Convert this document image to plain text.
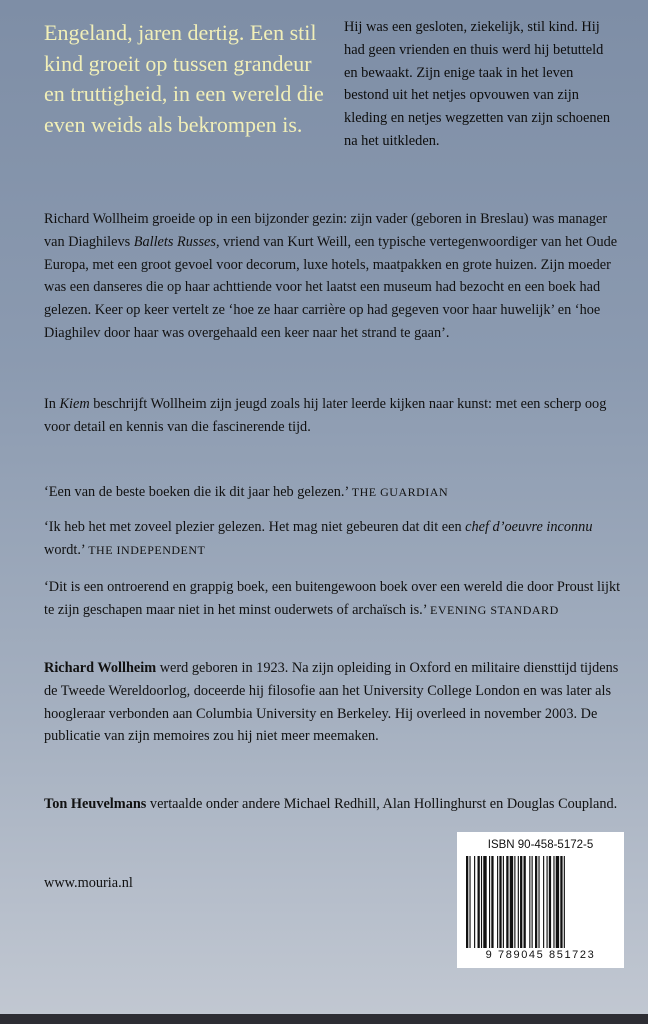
Engeland, jaren dertig. Een stil kind groeit op tussen grandeur en truttigheid, in een wereld die even weids als bekrompen is.
Hij was een gesloten, ziekelijk, stil kind. Hij had geen vrienden en thuis werd hij betutteld en bewaakt. Zijn enige taak in het leven bestond uit het netjes opvouwen van zijn kleding en netjes wegzetten van zijn schoenen na het uitkleden.

Richard Wollheim groeide op in een bijzonder gezin: zijn vader (geboren in Breslau) was manager van Diaghilevs Ballets Russes, vriend van Kurt Weill, een typische vertegenwoordiger van het Oude Europa, met een groot gevoel voor decorum, luxe hotels, maatpakken en grote huizen. Zijn moeder was een danseres die op haar achttiende voor het laatst een museum had bezocht en een boek had gelezen. Keer op keer vertelt ze ‘hoe ze haar carrière op had gegeven voor haar huwelijk’ en ‘hoe Diaghilev door haar was overgehaald een keer naar het strand te gaan’.

In Kiem beschrijft Wollheim zijn jeugd zoals hij later leerde kijken naar kunst: met een scherp oog voor detail en kennis van die fascinerende tijd.

‘Een van de beste boeken die ik dit jaar heb gelezen.’ THE GUARDIAN

‘Ik heb het met zoveel plezier gelezen. Het mag niet gebeuren dat dit een chef d’oeuvre inconnu wordt.’ THE INDEPENDENT

‘Dit is een ontroerend en grappig boek, een buitengewoon boek over een wereld die door Proust lijkt te zijn geschapen maar niet in het minst ouderwets of archaïsch is.’ EVENING STANDARD

Richard Wollheim werd geboren in 1923. Na zijn opleiding in Oxford en militaire diensttijd tijdens de Tweede Wereldoorlog, doceerde hij filosofie aan het University College London en was later als hoogleraar verbonden aan Columbia University en Berkeley. Hij overleed in november 2003. De publicatie van zijn memoires zou hij niet meer meemaken.

Ton Heuvelmans vertaalde onder andere Michael Redhill, Alan Hollinghurst en Douglas Coupland.

www.mouria.nl

ISBN 90-458-5172-5
9 789045 851723
